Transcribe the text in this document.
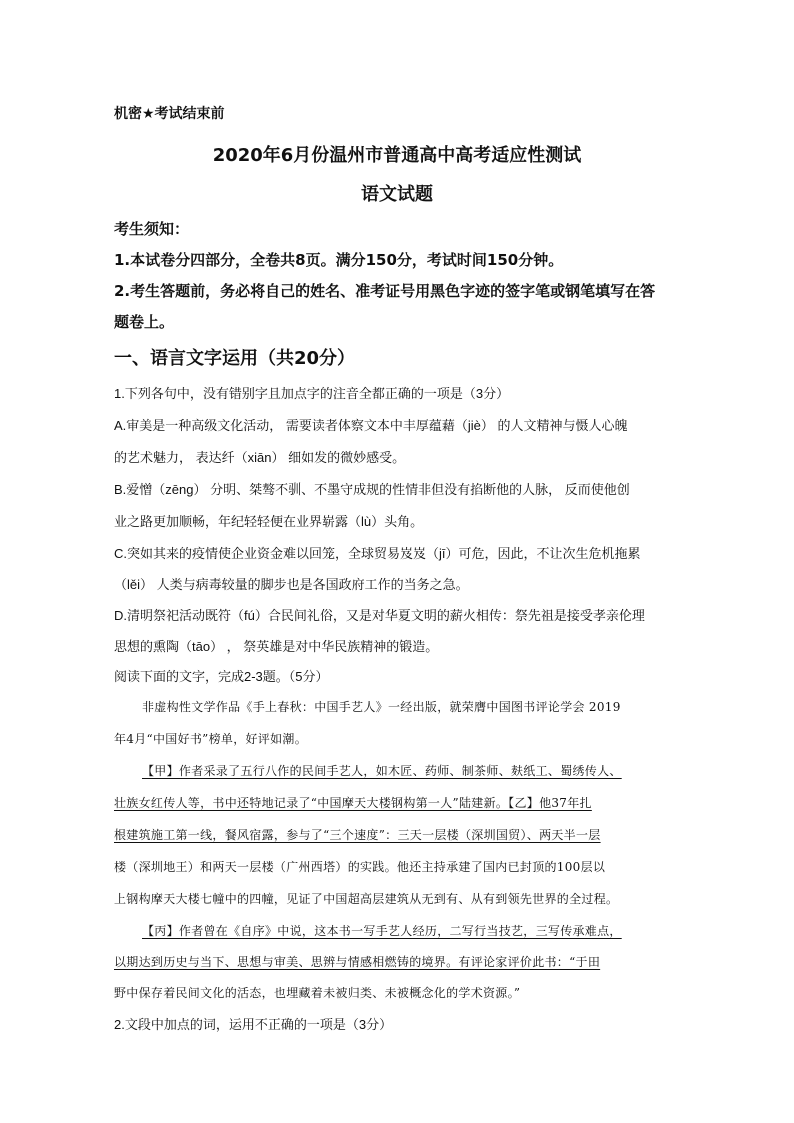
机密★考试结束前
2020年6月份温州市普通高中高考适应性测试
语文试题
考生须知：
1.本试卷分四部分，全卷共8页。满分150分，考试时间150分钟。
2.考生答题前，务必将自己的姓名、准考证号用黑色字迹的签字笔或钢笔填写在答
题卷上。
一、语言文字运用（共20分）
1.下列各句中，没有错别字且加点字的注音全都正确的一项是（3分）
A.审美是一种高级文化活动， 需要读者体察文本中丰厚蕴藉（jiè） 的人文精神与慑人心魄
的艺术魅力， 表达纤（xiān） 细如发的微妙感受。
B.爱憎（zēng） 分明、桀骜不驯、不墨守成规的性情非但没有掐断他的人脉， 反而使他创
业之路更加顺畅，年纪轻轻便在业界崭露（lù）头角。
C.突如其来的疫情使企业资金难以回笼，全球贸易岌岌（jī）可危，因此，不让次生危机拖累
（lěi） 人类与病毒较量的脚步也是各国政府工作的当务之急。
D.清明祭祀活动既符（fú）合民间礼俗，又是对华夏文明的薪火相传：祭先祖是接受孝亲伦理
思想的熏陶（tāo） ， 祭英雄是对中华民族精神的锻造。
阅读下面的文字，完成2-3题。（5分）
非虚构性文学作品《手上春秋：中国手艺人》一经出版，就荣膺中国图书评论学会 2019
年4月“中国好书”榜单，好评如潮。
【甲】作者采录了五行八作的民间手艺人，如木匠、药师、制茶师、麸纸工、蜀绣传人、
壮族女红传人等，书中还特地记录了“中国摩天大楼钢构第一人”陆建新。【乙】他37年扎
根建筑施工第一线，餐风宿露，参与了“三个速度”：三天一层楼（深圳国贸）、两天半一层
楼（深圳地王）和两天一层楼（广州西塔）的实践。他还主持承建了国内已封顶的100层以
上钢构摩天大楼七幢中的四幢，见证了中国超高层建筑从无到有、从有到领先世界的全过程。
【丙】作者曾在《自序》中说，这本书一写手艺人经历，二写行当技艺，三写传承难点，
以期达到历史与当下、思想与审美、思辨与情感相燃铸的境界。有评论家评价此书：“于田
野中保存着民间文化的活态，也埋藏着未被归类、未被概念化的学术资源。”
2.文段中加点的词，运用不正确的一项是（3分）
